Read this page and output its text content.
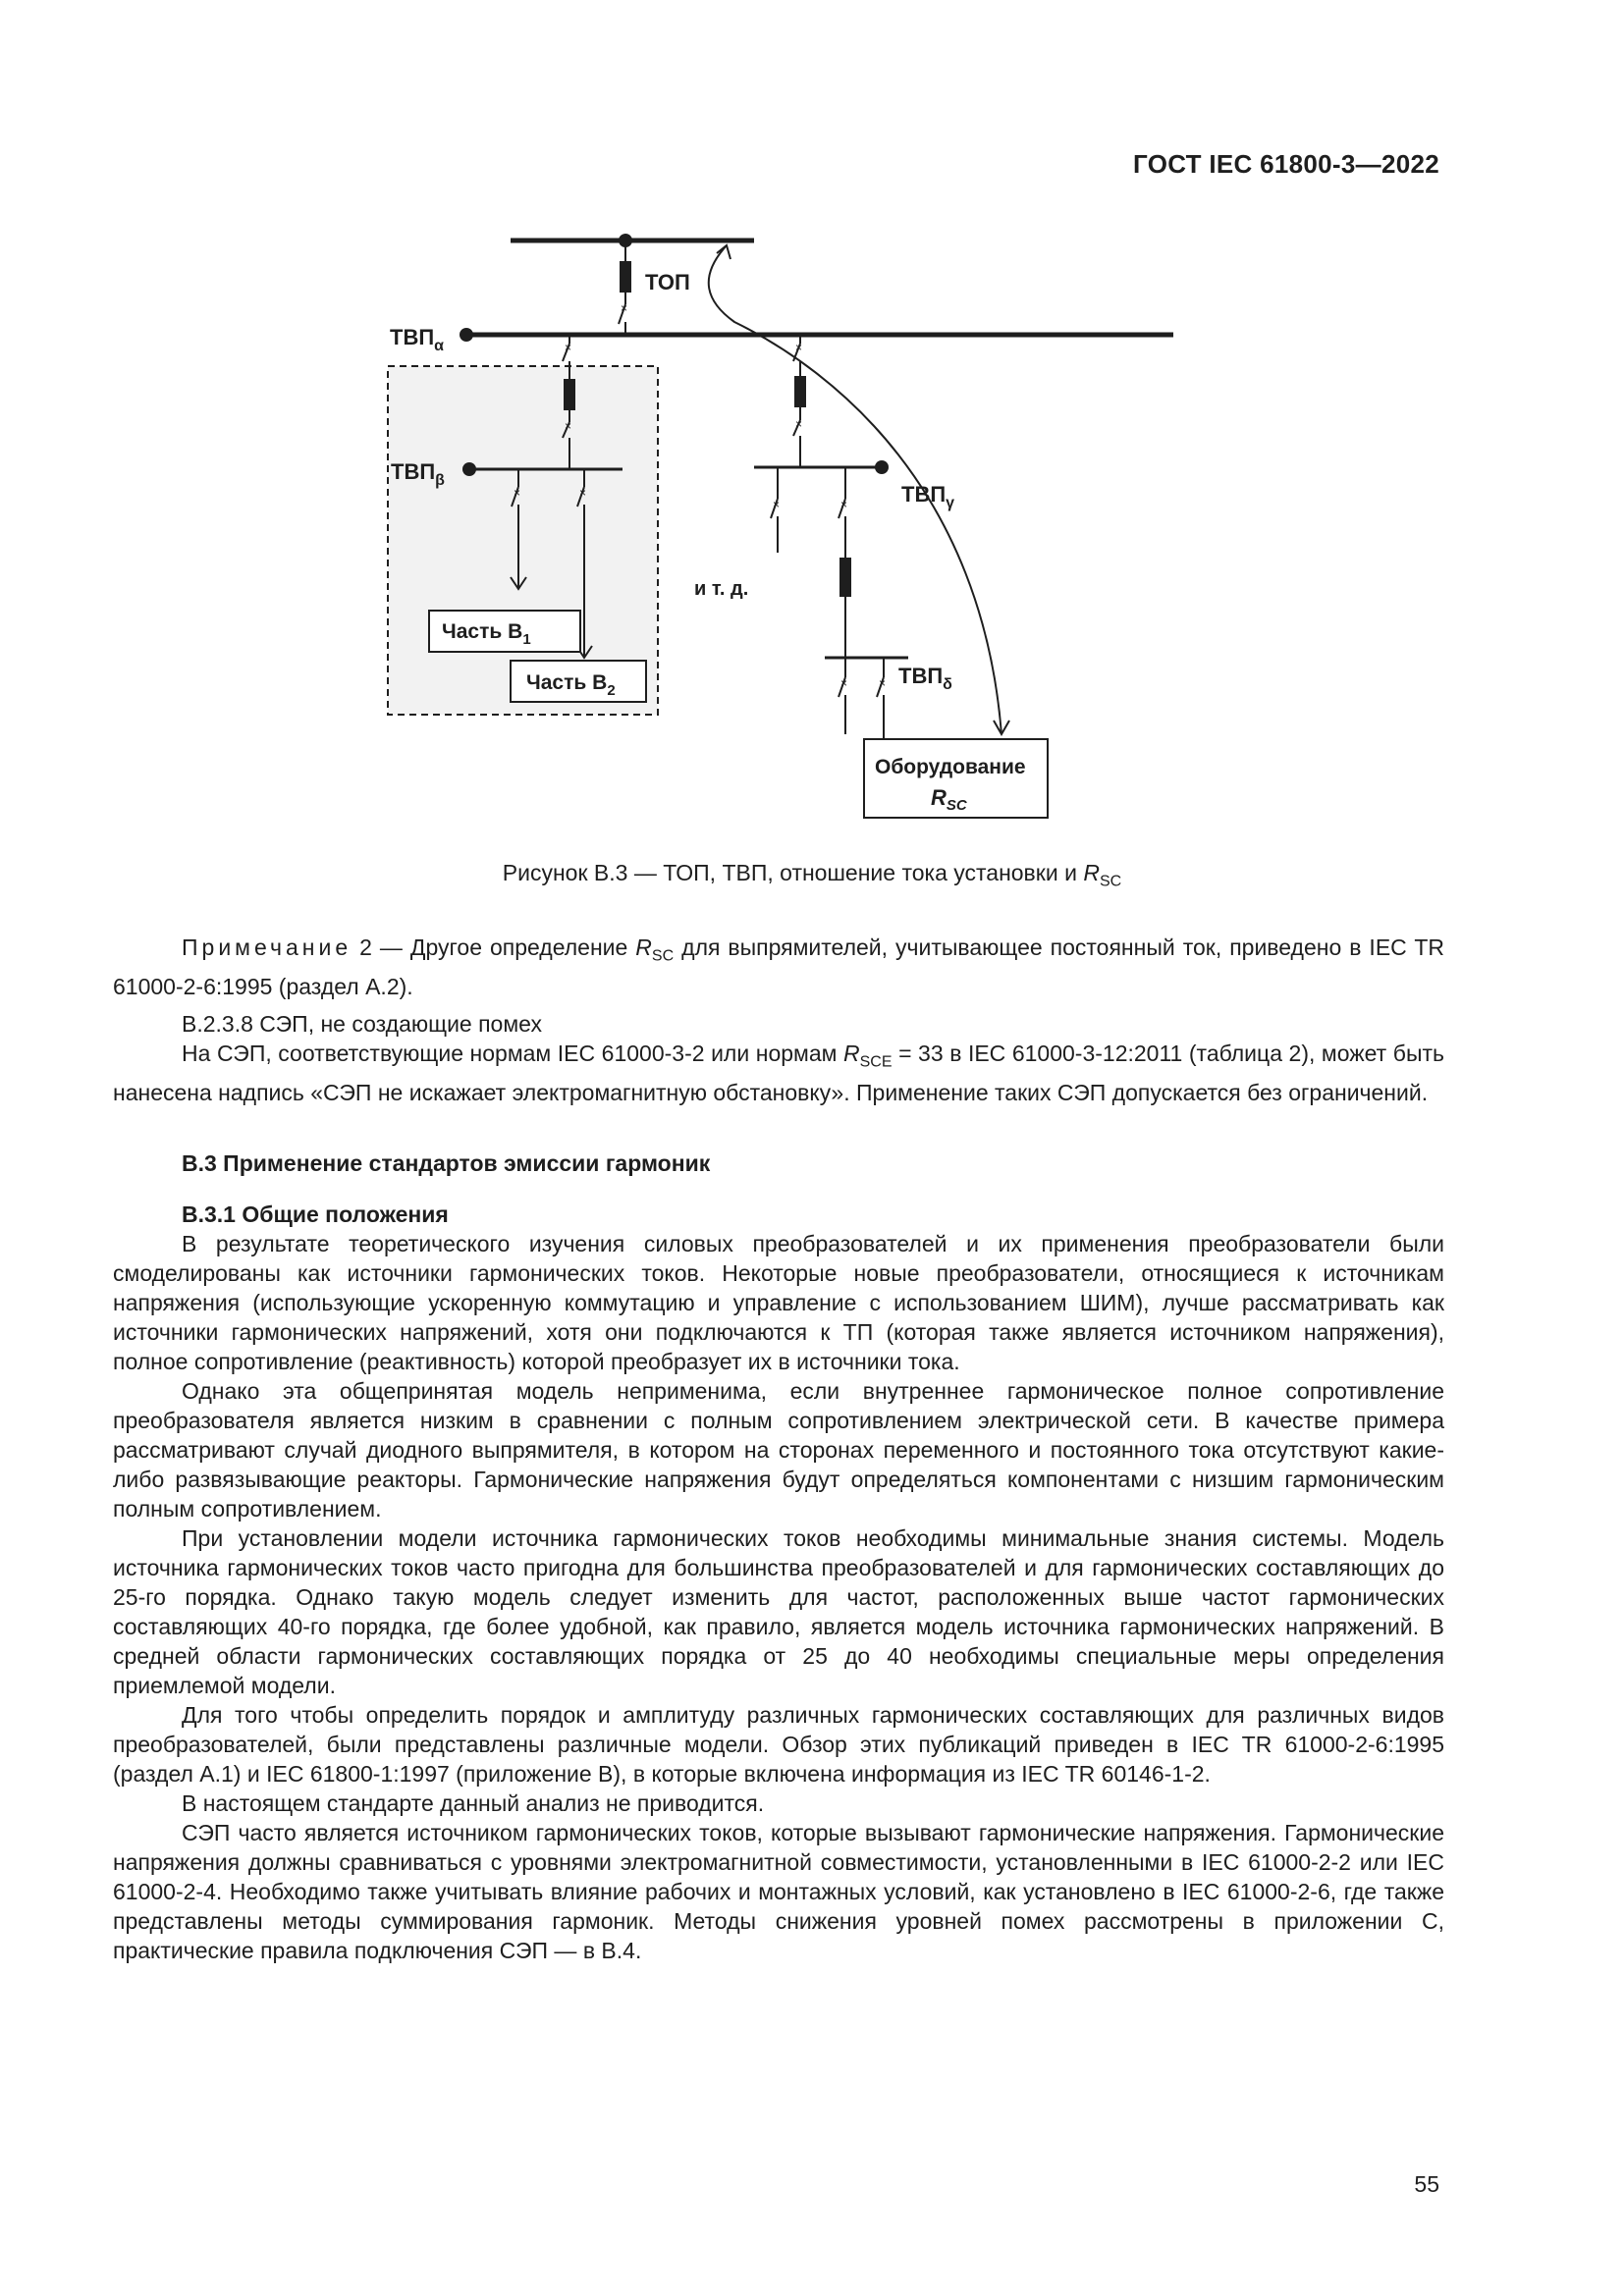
ГОСТ IEC 61800-3—2022
×
×
×
×	×
×
×
×	×
×	×
ТОП
$ТВП_\alpha$
$ТВП_\beta$
$ТВП_\gamma$
$ТВП_\delta$
и т. д.
Часть $В_1$
Часть $В_2$
Оборудование
$R_{SC}$
Рисунок В.3 — ТОП, ТВП, отношение тока установки и $R_{SC}$

Примечание 2 — Другое определение $R_{SC}$ для выпрямителей, учитывающее постоянный ток, приведено в IEC TR 61000-2-6:1995 (раздел А.2).

В.2.3.8 СЭП, не создающие помех

На СЭП, соответствующие нормам IEC 61000-3-2 или нормам $R_{SCE} = 33$ в IEC 61000-3-12:2011 (таблица 2), может быть нанесена надпись «СЭП не искажает электромагнитную обстановку». Применение таких СЭП допускается без ограничений.

В.3 Применение стандартов эмиссии гармоник

В.3.1 Общие положения

В результате теоретического изучения силовых преобразователей и их применения преобразователи были смоделированы как источники гармонических токов. Некоторые новые преобразователи, относящиеся к источникам напряжения (использующие ускоренную коммутацию и управление с использованием ШИМ), лучше рассматривать как источники гармонических напряжений, хотя они подключаются к ТП (которая также является источником напряжения), полное сопротивление (реактивность) которой преобразует их в источники тока.

Однако эта общепринятая модель неприменима, если внутреннее гармоническое полное сопротивление преобразователя является низким в сравнении с полным сопротивлением электрической сети. В качестве примера рассматривают случай диодного выпрямителя, в котором на сторонах переменного и постоянного тока отсутствуют какие-либо развязывающие реакторы. Гармонические напряжения будут определяться компонентами с низшим гармоническим полным сопротивлением.

При установлении модели источника гармонических токов необходимы минимальные знания системы. Модель источника гармонических токов часто пригодна для большинства преобразователей и для гармонических составляющих до 25-го порядка. Однако такую модель следует изменить для частот, расположенных выше частот гармонических составляющих 40-го порядка, где более удобной, как правило, является модель источника гармонических напряжений. В средней области гармонических составляющих порядка от 25 до 40 необходимы специальные меры определения приемлемой модели.

Для того чтобы определить порядок и амплитуду различных гармонических составляющих для различных видов преобразователей, были представлены различные модели. Обзор этих публикаций приведен в IEC TR 61000-2-6:1995 (раздел А.1) и IEC 61800-1:1997 (приложение В), в которые включена информация из IEC TR 60146-1-2.

В настоящем стандарте данный анализ не приводится.

СЭП часто является источником гармонических токов, которые вызывают гармонические напряжения. Гармонические напряжения должны сравниваться с уровнями электромагнитной совместимости, установленными в IEC 61000-2-2 или IEC 61000-2-4. Необходимо также учитывать влияние рабочих и монтажных условий, как установлено в IEC 61000-2-6, где также представлены методы суммирования гармоник. Методы снижения уровней помех рассмотрены в приложении С, практические правила подключения СЭП — в В.4.

55
